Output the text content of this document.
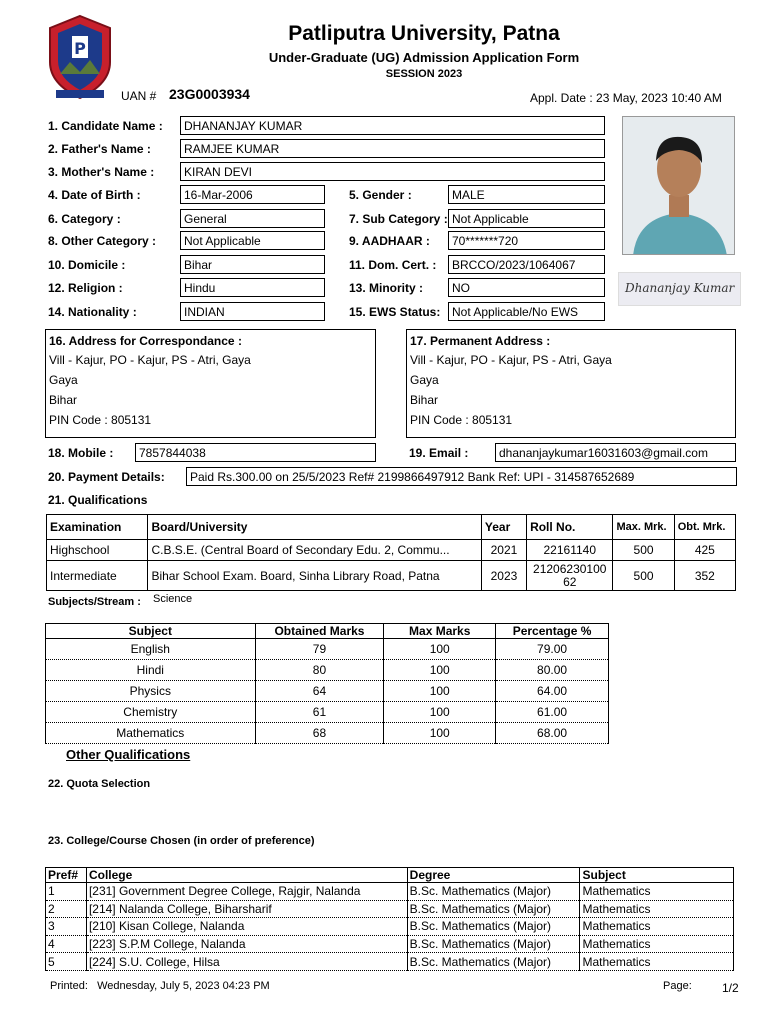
P
Patliputra University, Patna
Under-Graduate (UG) Admission Application Form
SESSION 2023
UAN # 23G0003934	Appl. Date : 23 May, 2023 10:40 AM
Dhananjay Kumar
1. Candidate Name :	DHANANJAY KUMAR
2. Father's Name :	RAMJEE KUMAR
3. Mother's Name :	KIRAN DEVI
4. Date of Birth :	16-Mar-2006	5. Gender :	MALE
6. Category :	General	7. Sub Category : Not Applicable
8. Other Category :	Not Applicable	9. AADHAAR :	70*******720
10. Domicile :	Bihar	11. Dom. Cert. :	BRCCO/2023/1064067
12. Religion :	Hindu	13. Minority :	NO
14. Nationality :	INDIAN	15. EWS Status: Not Applicable/No EWS
16. Address for Correspondance :
Vill - Kajur, PO - Kajur, PS - Atri, Gaya
Gaya
Bihar
PIN Code : 805131
17. Permanent Address :
Vill - Kajur, PO - Kajur, PS - Atri, Gaya
Gaya
Bihar
PIN Code : 805131
18. Mobile :	7857844038	19. Email :	dhananjaykumar16031603@gmail.com
20. Payment Details:	Paid Rs.300.00 on 25/5/2023 Ref# 2199866497912 Bank Ref: UPI - 314587652689
21. Qualifications
Examination	Board/University	Year	Roll No.	Max. Mrk.	Obt. Mrk.
Highschool	C.B.S.E. (Central Board of Secondary Edu. 2, Commu...	2021	22161140	500	425
Intermediate	Bihar School Exam. Board, Sinha Library Road, Patna	2023	21206230100 62	500	352
Subjects/Stream : Science
Subject	Obtained Marks	Max Marks	Percentage %
English	79	100	79.00
Hindi	80	100	80.00
Physics	64	100	64.00
Chemistry	61	100	61.00
Mathematics	68	100	68.00
Other Qualifications
22. Quota Selection
23. College/Course Chosen (in order of preference)
Pref#	College	Degree	Subject
1	[231] Government Degree College, Rajgir, Nalanda	B.Sc. Mathematics (Major)	Mathematics
2	[214] Nalanda College, Biharsharif	B.Sc. Mathematics (Major)	Mathematics
3	[210] Kisan College, Nalanda	B.Sc. Mathematics (Major)	Mathematics
4	[223] S.P.M College, Nalanda	B.Sc. Mathematics (Major)	Mathematics
5	[224] S.U. College, Hilsa	B.Sc. Mathematics (Major)	Mathematics
Printed:   Wednesday, July 5, 2023 04:23 PM	Page:	1/2
